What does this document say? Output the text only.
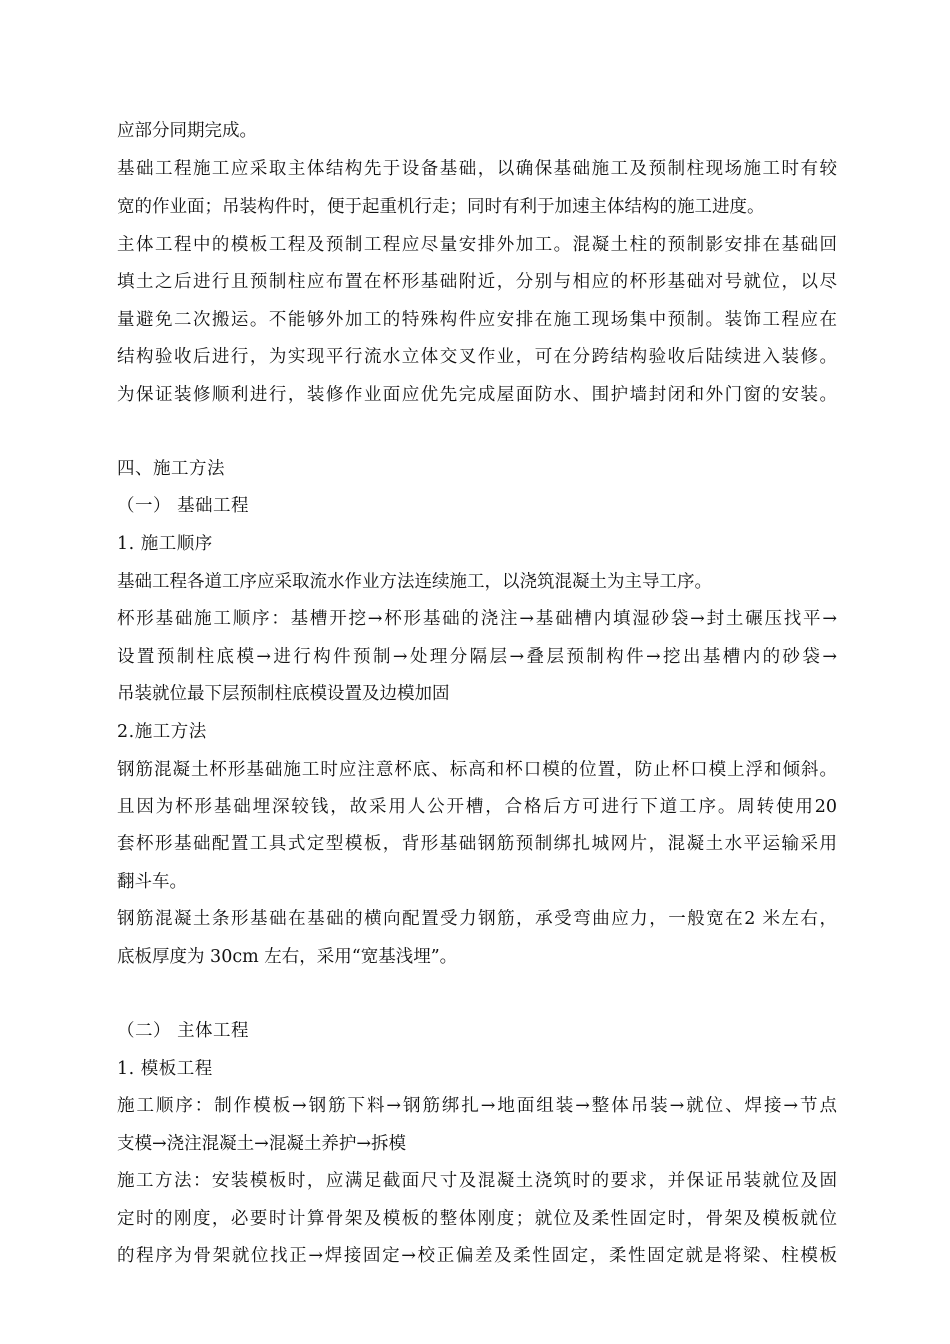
应部分同期完成。
基础工程施工应采取主体结构先于设备基础，以确保基础施工及预制柱现场施工时有较
宽的作业面；吊装构件时，便于起重机行走；同时有利于加速主体结构的施工进度。
主体工程中的模板工程及预制工程应尽量安排外加工。混凝土柱的预制影安排在基础回
填土之后进行且预制柱应布置在杯形基础附近，分别与相应的杯形基础对号就位，以尽
量避免二次搬运。不能够外加工的特殊构件应安排在施工现场集中预制。装饰工程应在
结构验收后进行，为实现平行流水立体交叉作业，可在分跨结构验收后陆续进入装修。
为保证装修顺利进行，装修作业面应优先完成屋面防水、围护墙封闭和外门窗的安装。
四、施工方法
（一） 基础工程
1. 施工顺序
基础工程各道工序应采取流水作业方法连续施工，以浇筑混凝土为主导工序。
杯形基础施工顺序：基槽开挖→杯形基础的浇注→基础槽内填湿砂袋→封土碾压找平→
设置预制柱底模→进行构件预制→处理分隔层→叠层预制构件→挖出基槽内的砂袋→
吊装就位最下层预制柱底模设置及边模加固
2.施工方法
钢筋混凝土杯形基础施工时应注意杯底、标高和杯口模的位置，防止杯口模上浮和倾斜。
且因为杯形基础埋深较钱，故采用人公开槽，合格后方可进行下道工序。周转使用20
套杯形基础配置工具式定型模板，背形基础钢筋预制绑扎城网片，混凝土水平运输采用
翻斗车。
钢筋混凝土条形基础在基础的横向配置受力钢筋，承受弯曲应力，一般宽在2 米左右，
底板厚度为 30cm 左右，采用“宽基浅埋”。
（二） 主体工程
1. 模板工程
施工顺序：制作模板→钢筋下料→钢筋绑扎→地面组装→整体吊装→就位、焊接→节点
支模→浇注混凝土→混凝土养护→拆模
施工方法：安装模板时，应满足截面尺寸及混凝土浇筑时的要求，并保证吊装就位及固
定时的刚度，必要时计算骨架及模板的整体刚度；就位及柔性固定时，骨架及模板就位
的程序为骨架就位找正→焊接固定→校正偏差及柔性固定，柔性固定就是将梁、柱模板
